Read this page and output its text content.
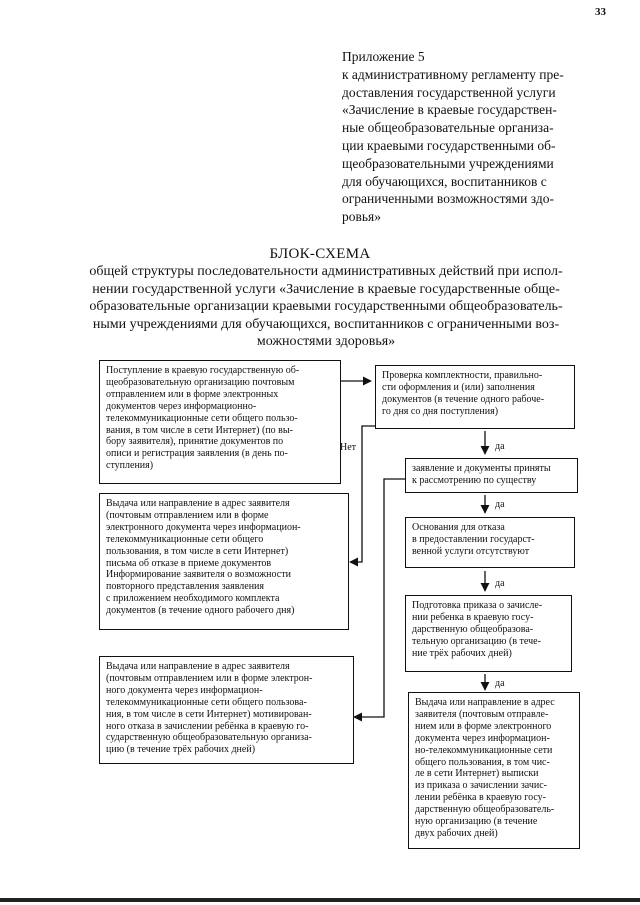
33
Приложение 5
к административному регламенту пре-
доставления государственной услуги
«Зачисление в краевые государствен-
ные общеобразовательные организа-
ции краевыми государственными об-
щеобразовательными учреждениями
для обучающихся, воспитанников с
ограниченными возможностями здо-
ровья»
БЛОК-СХЕМА
общей структуры последовательности административных действий при испол-нении государственной услуги «Зачисление в краевые государственные обще-образовательные организации краевыми государственными общеобразователь-ными учреждениями для обучающихся, воспитанников с ограниченными воз-можностями здоровья»
Поступление в краевую государственную об-
щеобразовательную организацию почтовым
отправлением или в форме электронных
документов через информационно-
телекоммуникационные сети общего пользо-
вания, в том числе в сети Интернет) (по вы-
бору заявителя), принятие документов по
описи и регистрация заявления (в день по-
ступления)
Проверка комплектности, правильно-
сти оформления и (или) заполнения
документов (в течение одного рабоче-
го дня со дня поступления)
Нет	да
заявление и документы приняты
к рассмотрению по существу
Выдача или направление в адрес заявителя
(почтовым отправлением или в форме
электронного документа через информацион-
телекоммуникационные сети общего
пользования, в том числе в сети Интернет)
письма об отказе в приеме документов
Информирование заявителя о возможности
повторного представления заявления
с приложением необходимого комплекта
документов (в течение одного рабочего дня)
да
Основания для отказа
в предоставлении государст-
венной услуги отсутствуют
да
Подготовка приказа о зачисле-
нии ребенка в краевую госу-
дарственную общеобразова-
тельную организацию (в тече-
ние трёх рабочих дней)
Выдача или направление в адрес заявителя
(почтовым отправлением или в форме электрон-
ного документа через информацион-
телекоммуникационные сети общего пользова-
ния, в том числе в сети Интернет) мотивирован-
ного отказа в зачислении ребёнка в краевую го-
сударственную общеобразовательную организа-
цию (в течение трёх рабочих дней)
да
Выдача или направление в адрес
заявителя (почтовым отправле-
нием или в форме электронного
документа через информацион-
но-телекоммуникационные сети
общего пользования, в том чис-
ле в сети Интернет) выписки
из приказа о зачислении зачис-
лении ребёнка в краевую госу-
дарственную общеобразователь-
ную организацию (в течение
двух рабочих дней)
